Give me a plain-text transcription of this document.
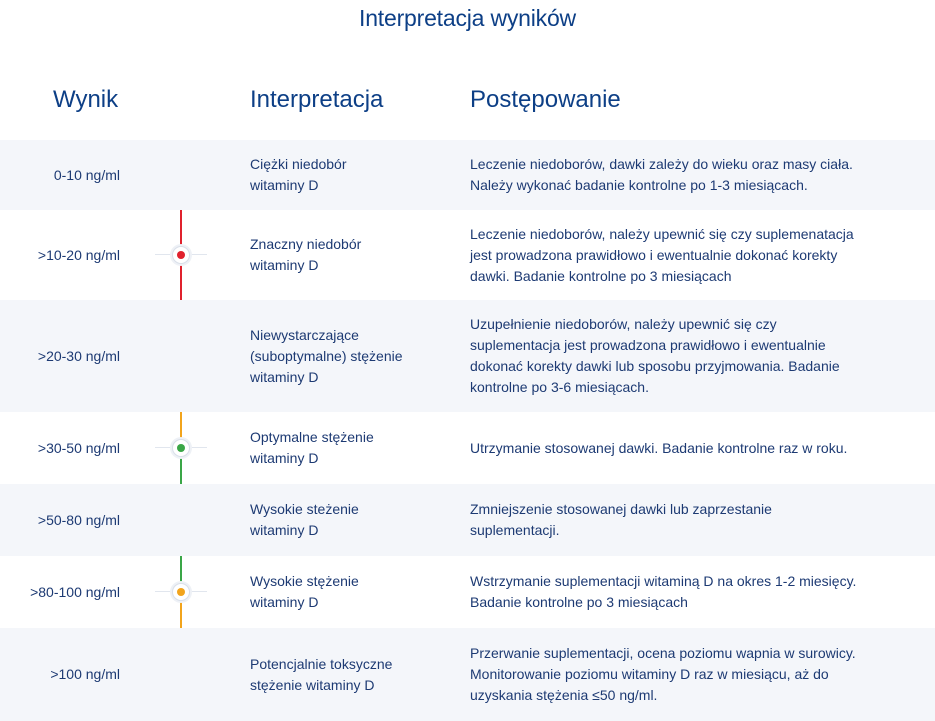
Interpretacja wyników
Wynik	Interpretacja	Postępowanie
0-10 ng/ml
Ciężki niedobór
witaminy D
Leczenie niedoborów, dawki zależy do wieku oraz masy ciała.
Należy wykonać badanie kontrolne po 1-3 miesiącach.
>10-20 ng/ml
Znaczny niedobór
witaminy D
Leczenie niedoborów, należy upewnić się czy suplemenatacja
jest prowadzona prawidłowo i ewentualnie dokonać korekty
dawki. Badanie kontrolne po 3 miesiącach
>20-30 ng/ml
Niewystarczające
(suboptymalne) stężenie
witaminy D
Uzupełnienie niedoborów, należy upewnić się czy
suplementacja jest prowadzona prawidłowo i ewentualnie
dokonać korekty dawki lub sposobu przyjmowania. Badanie
kontrolne po 3-6 miesiącach.
>30-50 ng/ml
Optymalne stężenie
witaminy D
Utrzymanie stosowanej dawki. Badanie kontrolne raz w roku.
>50-80 ng/ml
Wysokie steżenie
witaminy D
Zmniejszenie stosowanej dawki lub zaprzestanie
suplementacji.
>80-100 ng/ml
Wysokie stężenie
witaminy D
Wstrzymanie suplementacji witaminą D na okres 1-2 miesięcy.
Badanie kontrolne po 3 miesiącach
>100 ng/ml
Potencjalnie toksyczne
stężenie witaminy D
Przerwanie suplementacji, ocena poziomu wapnia w surowicy.
Monitorowanie poziomu witaminy D raz w miesiącu, aż do
uzyskania stężenia ≤50 ng/ml.
